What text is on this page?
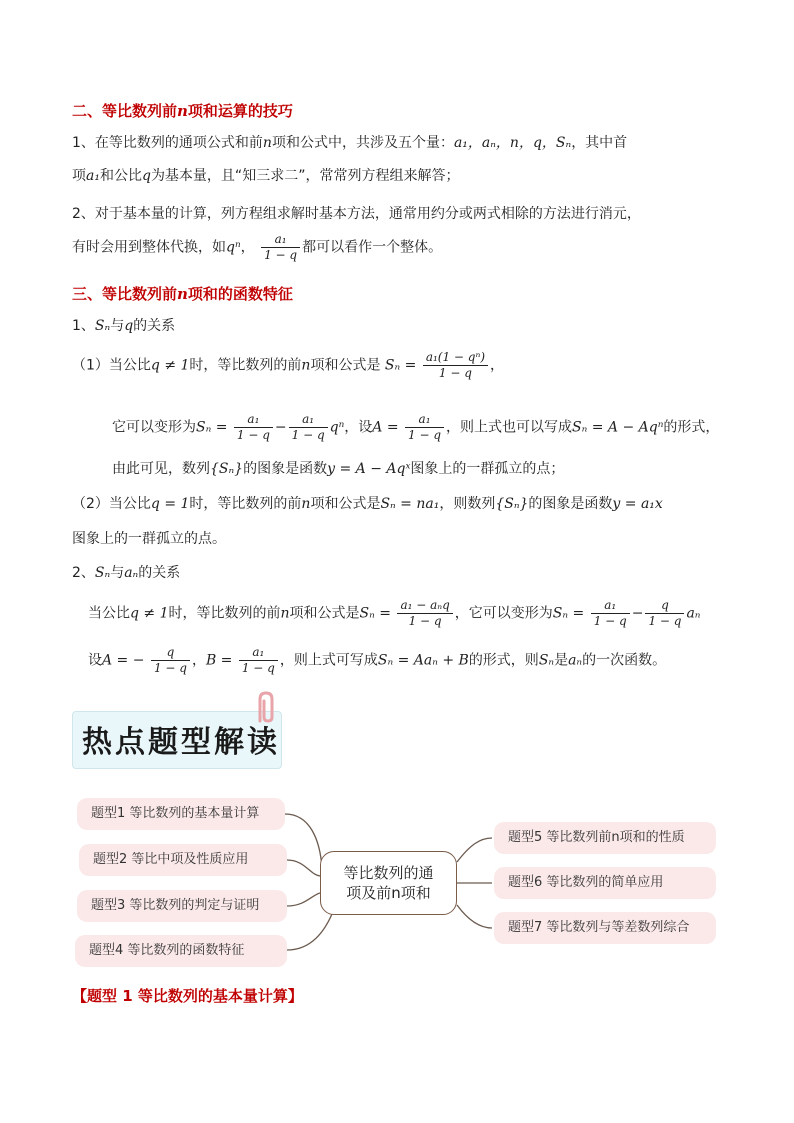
二、等比数列前n项和运算的技巧
1、在等比数列的通项公式和前n项和公式中，共涉及五个量：a₁，aₙ，n，q，Sₙ，其中首
项a₁和公比q为基本量，且“知三求二”，常常列方程组来解答；
2、对于基本量的计算，列方程组求解时基本方法，通常用约分或两式相除的方法进行消元，
有时会用到整体代换，如qⁿ， $\frac{\text{a₁}}{1 - q}$ 都可以看作一个整体。
三、等比数列前n项和的函数特征
1、Sₙ与q的关系
（1）当公比q ≠ 1时，等比数列的前n项和公式是 $S_n = \frac{\text{a₁(1 − qⁿ)}}{1 - q}$ ，
它可以变形为$S_n = \frac{\text{a₁}}{1 - q} - \frac{\text{a₁}}{1 - q}$ qⁿ，设$A = \frac{\text{a₁}}{1 - q}$ ，则上式也可以写成Sₙ = A − Aqⁿ的形式，
由此可见，数列{Sₙ}的图象是函数y = A − Aqˣ图象上的一群孤立的点；
（2）当公比q = 1时，等比数列的前n项和公式是Sₙ = na₁，则数列{Sₙ}的图象是函数y = a₁x
图象上的一群孤立的点。
2、Sₙ与aₙ的关系
当公比q ≠ 1时，等比数列的前n项和公式是$S_n = \frac{\text{a₁ − aₙq}}{1 - q}$ ，它可以变形为$S_n = \frac{\text{a₁}}{1 - q} - \frac{q}{1 - q}$ aₙ
设A = − $\frac{q}{1 - q}$ ，$B = \frac{\text{a₁}}{1 - q}$ ，则上式可写成Sₙ = Aaₙ + B的形式，则Sₙ是aₙ的一次函数。
热点题型解读
题型1 等比数列的基本量计算
题型2 等比中项及性质应用
题型3 等比数列的判定与证明
题型4 等比数列的函数特征
等比数列的通
项及前n项和
题型5 等比数列前n项和的性质
题型6 等比数列的简单应用
题型7 等比数列与等差数列综合
【题型 1 等比数列的基本量计算】
